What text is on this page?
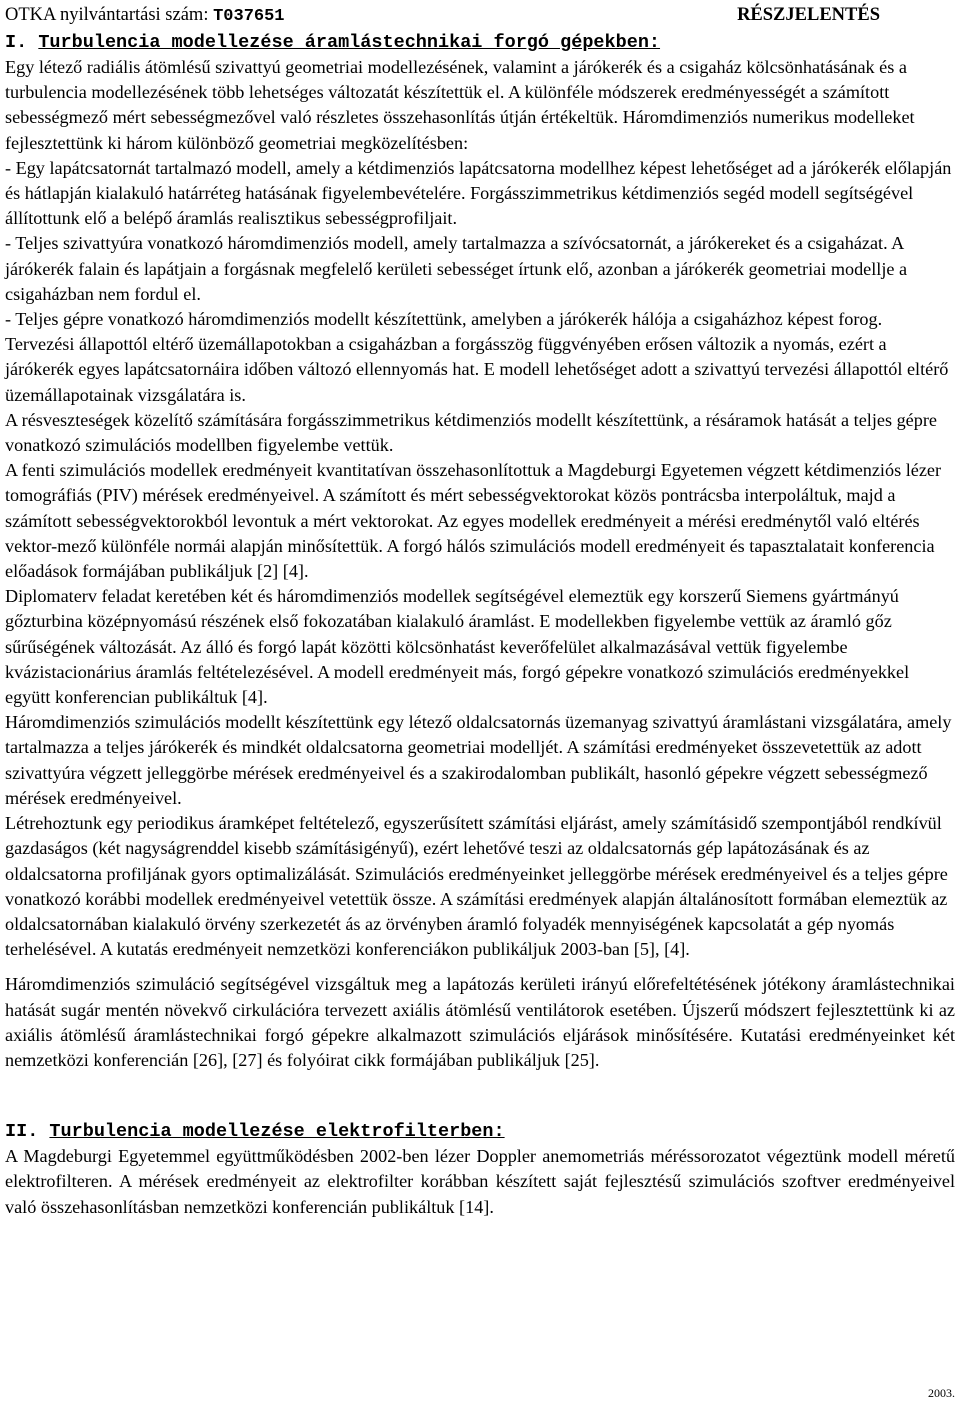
OTKA nyilvántartási szám: T037651	RÉSZJELENTÉS
I. Turbulencia modellezése áramlástechnikai forgó gépekben:

Egy létező radiális átömlésű szivattyú geometriai modellezésének, valamint a járókerék és a csigaház kölcsönhatásának és a turbulencia modellezésének több lehetséges változatát készítettük el. A különféle módszerek eredményességét a számított sebességmező mért sebességmezővel való részletes összehasonlítás útján értékeltük. Háromdimenziós numerikus modelleket fejlesztettünk ki három különböző geometriai megközelítésben:

- Egy lapátcsatornát tartalmazó modell, amely a kétdimenziós lapátcsatorna modellhez képest lehetőséget ad a járókerék előlapján és hátlapján kialakuló határréteg hatásának figyelembevételére. Forgásszimmetrikus kétdimenziós segéd modell segítségével állítottunk elő a belépő áramlás realisztikus sebességprofiljait.

- Teljes szivattyúra vonatkozó háromdimenziós modell, amely tartalmazza a szívócsatornát, a járókereket és a csigaházat. A járókerék falain és lapátjain a forgásnak megfelelő kerületi sebességet írtunk elő, azonban a járókerék geometriai modellje a csigaházban nem fordul el.

- Teljes gépre vonatkozó háromdimenziós modellt készítettünk, amelyben a járókerék hálója a csigaházhoz képest forog. Tervezési állapottól eltérő üzemállapotokban a csigaházban a forgásszög függvényében erősen változik a nyomás, ezért a járókerék egyes lapátcsatornáira időben változó ellennyomás hat. E modell lehetőséget adott a szivattyú tervezési állapottól eltérő üzemállapotainak vizsgálatára is.

A résveszteségek közelítő számítására forgásszimmetrikus kétdimenziós modellt készítettünk, a résáramok hatását a teljes gépre vonatkozó szimulációs modellben figyelembe vettük.

A fenti szimulációs modellek eredményeit kvantitatívan összehasonlítottuk a Magdeburgi Egyetemen végzett kétdimenziós lézer tomográfiás (PIV) mérések eredményeivel. A számított és mért sebességvektorokat közös pontrácsba interpoláltuk, majd a számított sebességvektorokból levontuk a mért vektorokat. Az egyes modellek eredményeit a mérési eredménytől való eltérés vektor-mező különféle normái alapján minősítettük. A forgó hálós szimulációs modell eredményeit és tapasztalatait konferencia előadások formájában publikáljuk [2] [4].

Diplomaterv feladat keretében két és háromdimenziós modellek segítségével elemeztük egy korszerű Siemens gyártmányú gőzturbina középnyomású részének első fokozatában kialakuló áramlást. E modellekben figyelembe vettük az áramló gőz sűrűségének változását. Az álló és forgó lapát közötti kölcsönhatást keverőfelület alkalmazásával vettük figyelembe kvázistacionárius áramlás feltételezésével. A modell eredményeit más, forgó gépekre vonatkozó szimulációs eredményekkel együtt konferencian publikáltuk [4].

Háromdimenziós szimulációs modellt készítettünk egy létező oldalcsatornás üzemanyag szivattyú áramlástani vizsgálatára, amely tartalmazza a teljes járókerék és mindkét oldalcsatorna geometriai modelljét. A számítási eredményeket összevetettük az adott szivattyúra végzett jelleggörbe mérések eredményeivel és a szakirodalomban publikált, hasonló gépekre végzett sebességmező mérések eredményeivel.

Létrehoztunk egy periodikus áramképet feltételező, egyszerűsített számítási eljárást, amely számításidő szempontjából rendkívül gazdaságos (két nagyságrenddel kisebb számításigényű), ezért lehetővé teszi az oldalcsatornás gép lapátozásának és az oldalcsatorna profiljának gyors optimalizálását. Szimulációs eredményeinket jelleggörbe mérések eredményeivel és a teljes gépre vonatkozó korábbi modellek eredményeivel vetettük össze. A számítási eredmények alapján általánosított formában elemeztük az oldalcsatornában kialakuló örvény szerkezetét ás az örvényben áramló folyadék mennyiségének kapcsolatát a gép nyomás terhelésével. A kutatás eredményeit nemzetközi konferenciákon publikáljuk 2003-ban [5], [4].

Háromdimenziós szimuláció segítségével vizsgáltuk meg a lapátozás kerületi irányú előrefeltétésének jótékony áramlástechnikai hatását sugár mentén növekvő cirkulációra tervezett axiális átömlésű ventilátorok esetében. Újszerű módszert fejlesztettünk ki az axiális átömlésű áramlástechnikai forgó gépekre alkalmazott szimulációs eljárások minősítésére. Kutatási eredményeinket két nemzetközi konferencián [26], [27] és folyóirat cikk formájában publikáljuk [25].

II. Turbulencia modellezése elektrofilterben:

A Magdeburgi Egyetemmel együttműködésben 2002-ben lézer Doppler anemometriás méréssorozatot végeztünk modell méretű elektrofilteren. A mérések eredményeit az elektrofilter korábban készített saját fejlesztésű szimulációs szoftver eredményeivel való összehasonlításban nemzetközi konferencián publikáltuk [14].

2003.
